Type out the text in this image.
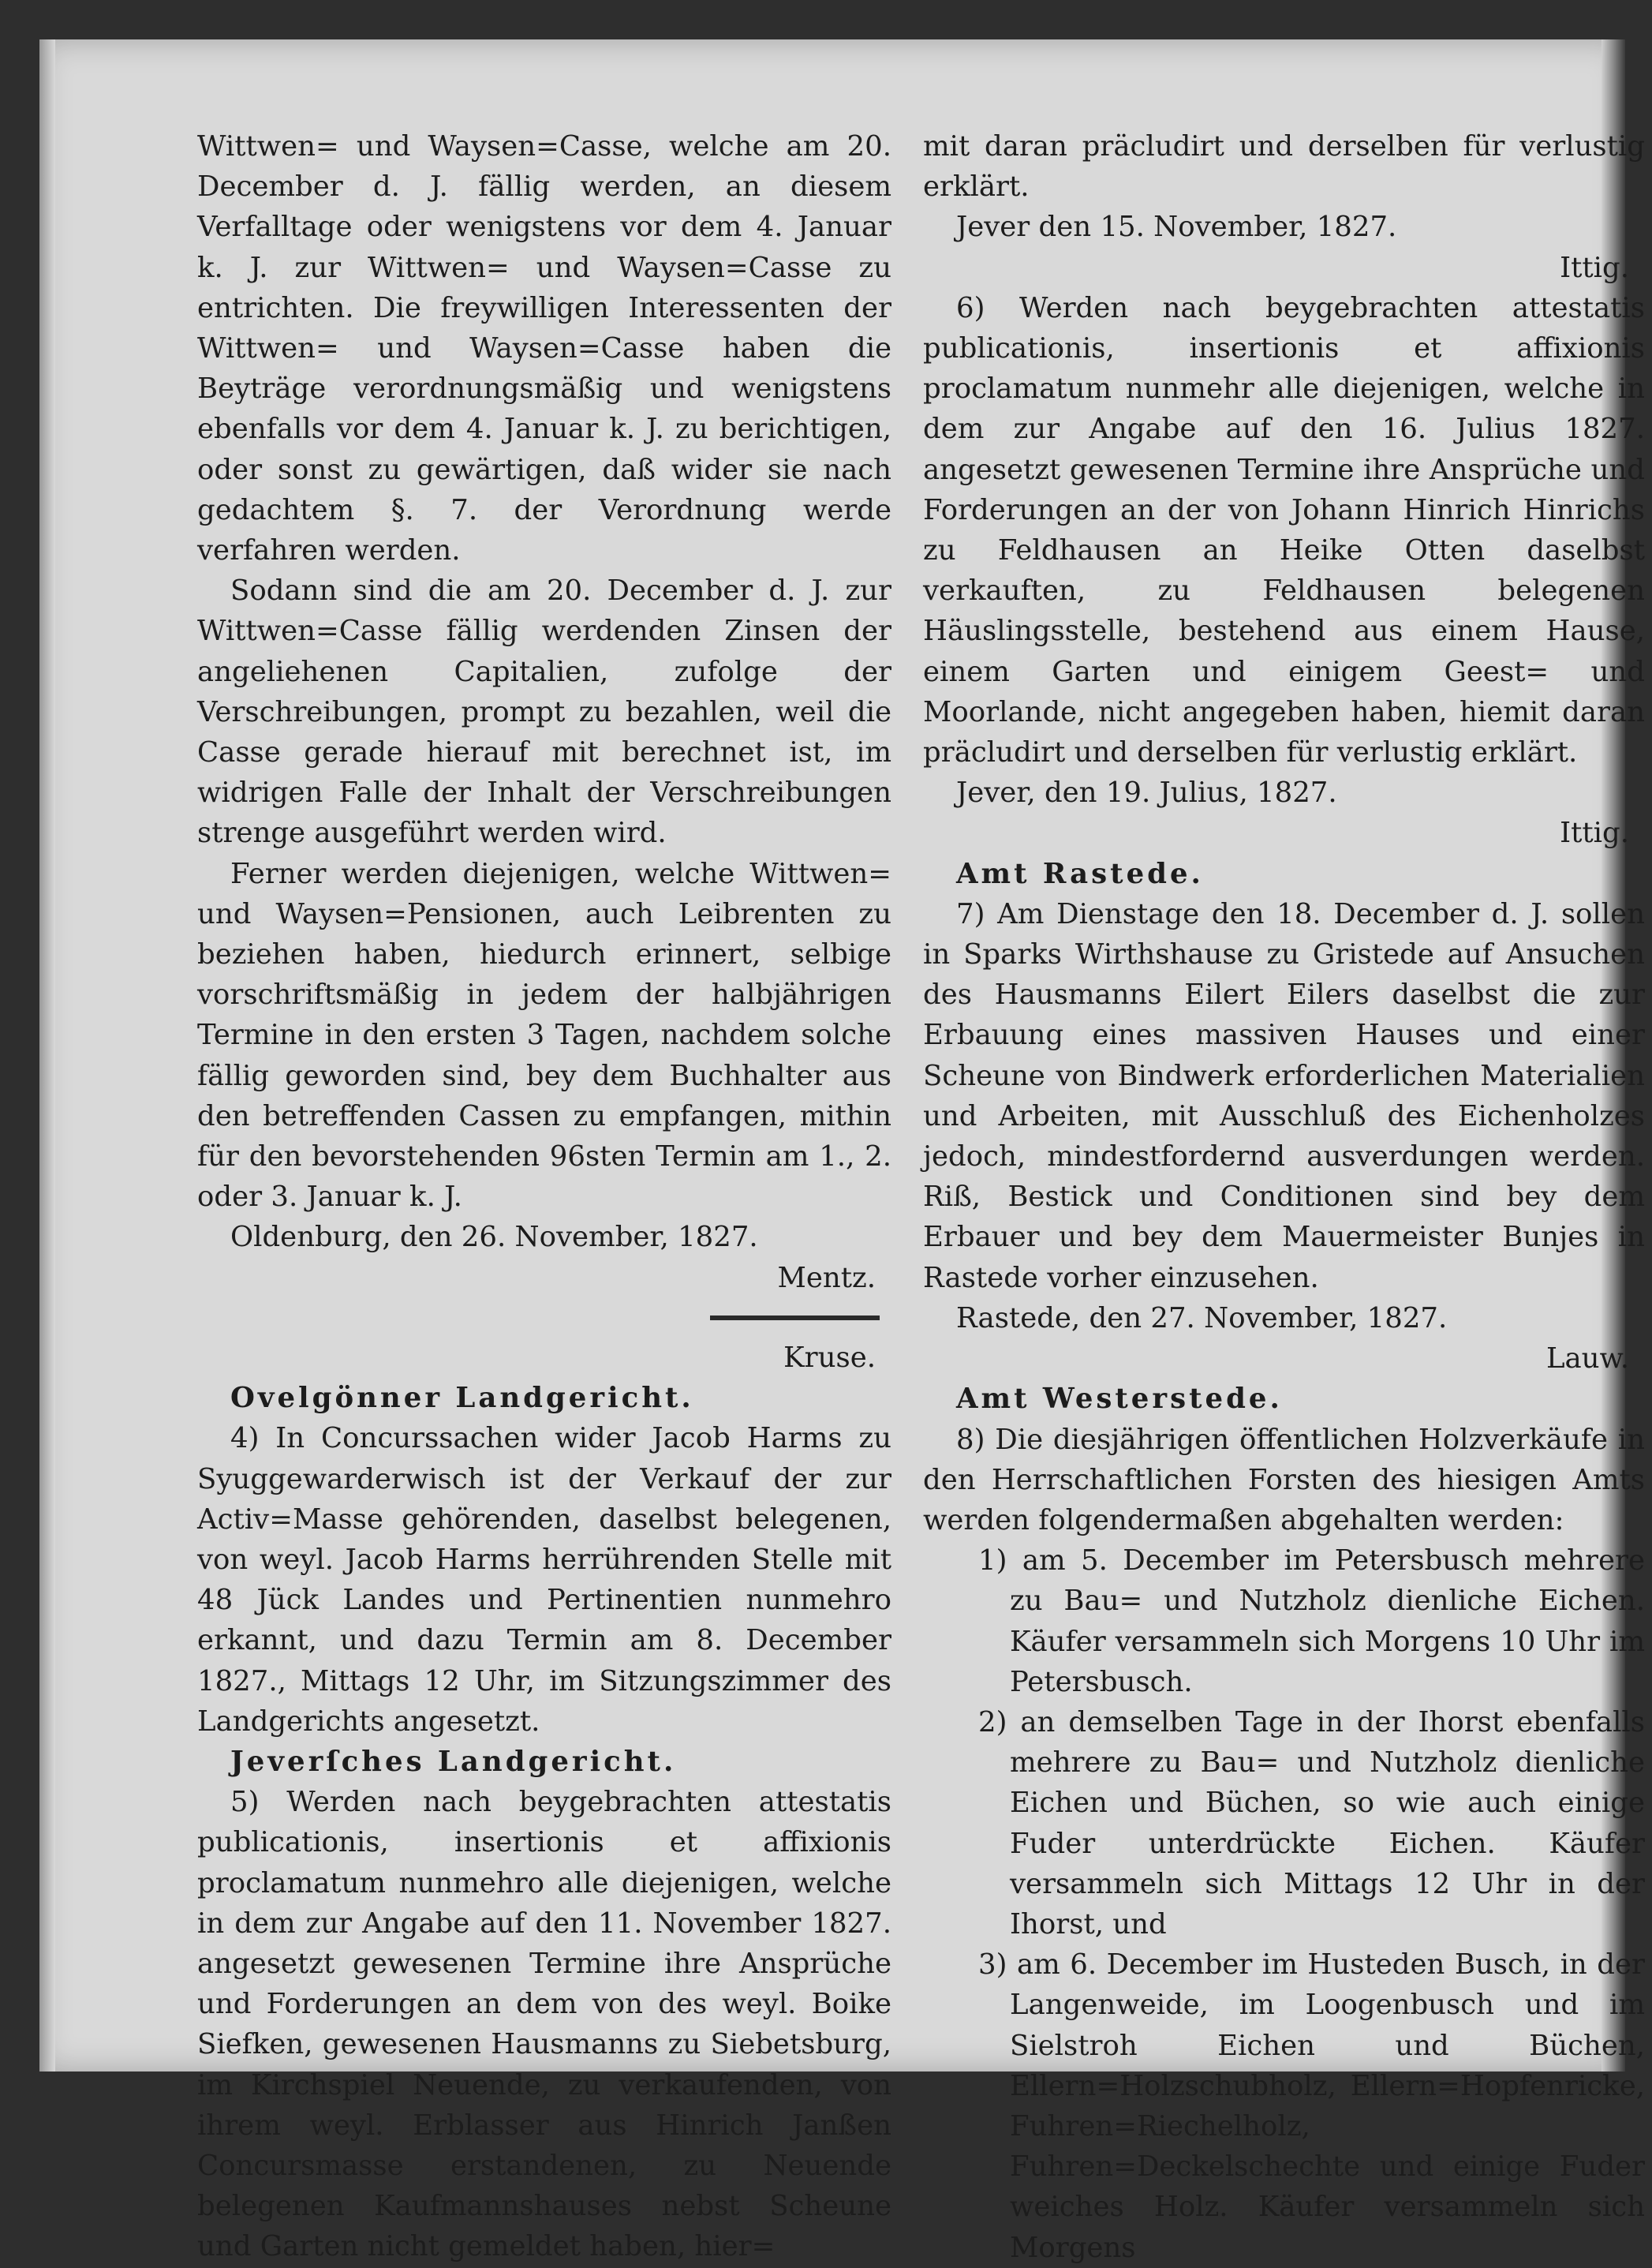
Wittwen= und Waysen=Casse, welche am 20. December d. J. fällig werden, an diesem Verfalltage oder wenigstens vor dem 4. Januar k. J. zur Wittwen= und Waysen=Casse zu entrichten. Die freywilligen Interessenten der Wittwen= und Waysen=Casse haben die Beyträge verordnungsmäßig und wenigstens ebenfalls vor dem 4. Januar k. J. zu berichtigen, oder sonst zu gewärtigen, daß wider sie nach gedachtem §. 7. der Verordnung werde verfahren werden.

Sodann sind die am 20. December d. J. zur Wittwen=Casse fällig werdenden Zinsen der angeliehenen Capitalien, zufolge der Verschreibungen, prompt zu bezahlen, weil die Casse gerade hierauf mit berechnet ist, im widrigen Falle der Inhalt der Verschreibungen strenge ausgeführt werden wird.

Ferner werden diejenigen, welche Wittwen= und Waysen=Pensionen, auch Leibrenten zu beziehen haben, hiedurch erinnert, selbige vorschriftsmäßig in jedem der halbjährigen Termine in den ersten 3 Tagen, nachdem solche fällig geworden sind, bey dem Buchhalter aus den betreffenden Cassen zu empfangen, mithin für den bevorstehenden 96sten Termin am 1., 2. oder 3. Januar k. J.

Oldenburg, den 26. November, 1827.

Mentz.

Kruse.

Ovelgönner Landgericht.

4) In Concurssachen wider Jacob Harms zu Syuggewarderwisch ist der Verkauf der zur Activ=Masse gehörenden, daselbst belegenen, von weyl. Jacob Harms herrührenden Stelle mit 48 Jück Landes und Pertinentien nunmehro erkannt, und dazu Termin am 8. December 1827., Mittags 12 Uhr, im Sitzungszimmer des Landgerichts angesetzt.

Jeverſches Landgericht.

5) Werden nach beygebrachten attestatis publicationis, insertionis et affixionis proclamatum nunmehro alle diejenigen, welche in dem zur Angabe auf den 11. November 1827. angesetzt gewesenen Termine ihre Ansprüche und Forderungen an dem von des weyl. Boike Siefken, gewesenen Hausmanns zu Siebetsburg, im Kirchspiel Neuende, zu verkaufenden, von ihrem weyl. Erblasser aus Hinrich Janßen Concursmasse erstandenen, zu Neuende belegenen Kaufmannshauses nebst Scheune und Garten nicht gemeldet haben, hier=

mit daran präcludirt und derselben für verlustig erklärt.

Jever den 15. November, 1827.

Ittig.

6) Werden nach beygebrachten attestatis publicationis, insertionis et affixionis proclamatum nunmehr alle diejenigen, welche in dem zur Angabe auf den 16. Julius 1827. angesetzt gewesenen Termine ihre Ansprüche und Forderungen an der von Johann Hinrich Hinrichs zu Feldhausen an Heike Otten daselbst verkauften, zu Feldhausen belegenen Häuslingsstelle, bestehend aus einem Hause, einem Garten und einigem Geest= und Moorlande, nicht angegeben haben, hiemit daran präcludirt und derselben für verlustig erklärt.

Jever, den 19. Julius, 1827.

Ittig.

Amt Rastede.

7) Am Dienstage den 18. December d. J. sollen in Sparks Wirthshause zu Gristede auf Ansuchen des Hausmanns Eilert Eilers daselbst die zur Erbauung eines massiven Hauses und einer Scheune von Bindwerk erforderlichen Materialien und Arbeiten, mit Ausschluß des Eichenholzes jedoch, mindestfordernd ausverdungen werden. Riß, Bestick und Conditionen sind bey dem Erbauer und bey dem Mauermeister Bunjes in Rastede vorher einzusehen.

Rastede, den 27. November, 1827.

Lauw.

Amt Westerstede.

8) Die diesjährigen öffentlichen Holzverkäufe in den Herrschaftlichen Forsten des hiesigen Amts werden folgendermaßen abgehalten werden:

1) am 5. December im Petersbusch mehrere zu Bau= und Nutzholz dienliche Eichen. Käufer versammeln sich Morgens 10 Uhr im Petersbusch.

2) an demselben Tage in der Ihorst ebenfalls mehrere zu Bau= und Nutzholz dienliche Eichen und Büchen, so wie auch einige Fuder unterdrückte Eichen. Käufer versammeln sich Mittags 12 Uhr in der Ihorst, und

3) am 6. December im Husteden Busch, in der Langenweide, im Loogenbusch und im Sielstroh Eichen und Büchen, Ellern=Holzschubholz, Ellern=Hopfenricke, Fuhren=Riechelholz, Fuhren=Deckelschechte und einige Fuder weiches Holz. Käufer versammeln sich Morgens
